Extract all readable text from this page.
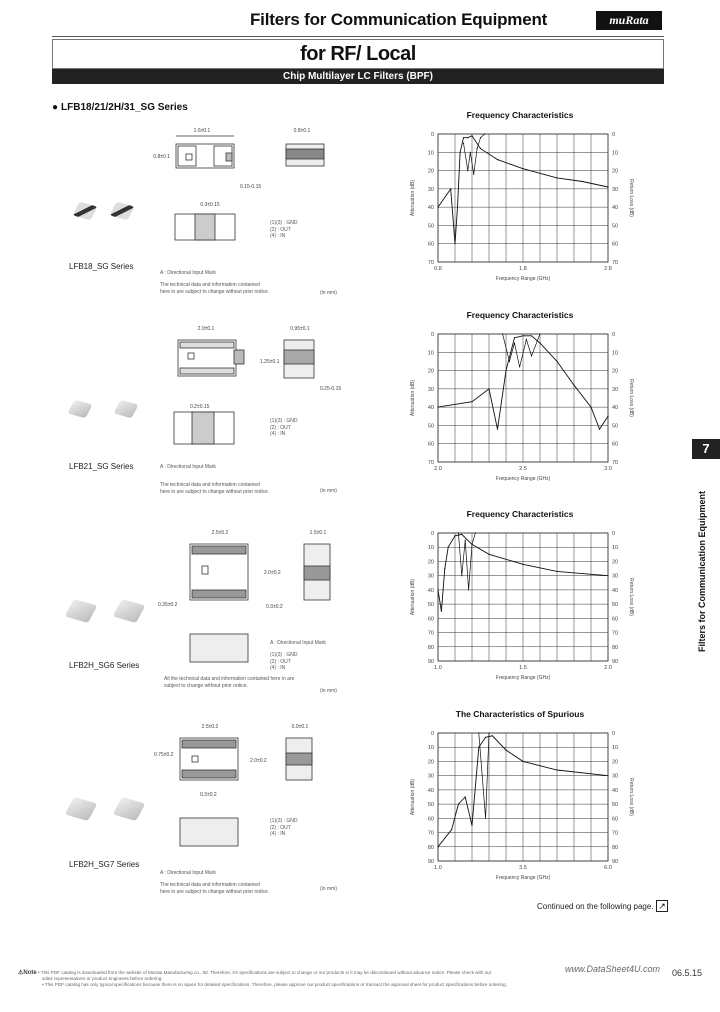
Filters for Communication Equipment	muRata
for RF/ Local
Chip Multilayer LC Filters (BPF)
● LFB18/21/2H/31_SG Series
7
Filters for Communication Equipment
1.6±0.1	0.8±0.1
0.8±0.1
0.3±0.15
0.15-0.15
(1)(3) : GND
(2) : OUT
(4) : IN
LFB18_SG Series
A : Directional Input Mark
The technical data and information contained
here in are subject to change without prior notice.	(in mm)
2.0±0.1	0.95±0.1
1.25±0.1
0.2±0.15
0.25-0.15
(1)(3) : GND
(2) : OUT
(4) : IN
LFB21_SG Series	A : Directional Input Mark
The technical data and information contained
here in are subject to change without prior notice.	(in mm)
2.5±0.2	1.5±0.1
2.0±0.2
0.35±0.2	0.3±0.2
A : Directional Input Mark
(1)(3) : GND
(2) : OUT
(4) : IN
LFB2H_SG6 Series
All the technical data and information contained here in are
subject to change without prior notice.
(in mm)
2.5±0.2	0.9±0.1
0.75±0.2
2.0±0.2
0.3±0.2
(1)(3) : GND
(2) : OUT
(4) : IN
LFB2H_SG7 Series
A : Directional Input Mark
The technical data and information contained
here in are subject to change without prior notice.	(in mm)
Frequency Characteristics
0	0
10	10
20	20
30	30
40	40
50	50
60	60
70	70
0.8	1.8	2.8
Frequency Range (GHz)
Attenuation (dB)	Return Loss (dB)
Frequency Characteristics
0	0
10	10
20	20
30	30
40	40
50	50
60	60
70	70
2.0	2.5	3.0
Frequency Range (GHz)
Attenuation (dB)	Return Loss (dB)
Frequency Characteristics
0	0
10	10
20	20
30	30
40	40
50	50
60	60
70	70
80	80
90	90
1.0	1.5	2.0
Frequency Range (GHz)
Attenuation (dB)	Return Loss (dB)
The Characteristics of Spurious
0	0
10	10
20	20
30	30
40	40
50	50
60	60
70	70
80	80
90	90
1.0	3.5	6.0
Frequency Range (GHz)
Attenuation (dB)	Return Loss (dB)
Continued on the following page. ↗
⚠Note • This PDF catalog is downloaded from the website of Murata Manufacturing co., ltd. Therefore, it's specifications are subject to change or our products in it may be discontinued without advance notice. Please check with our
sales representatives or product engineers before ordering.
• This PDF catalog has only typical specifications because there is no space for detailed specifications. Therefore, please approve our product specifications or transact the approval sheet for product specifications before ordering.
www.DataSheet4U.com 06.5.15
